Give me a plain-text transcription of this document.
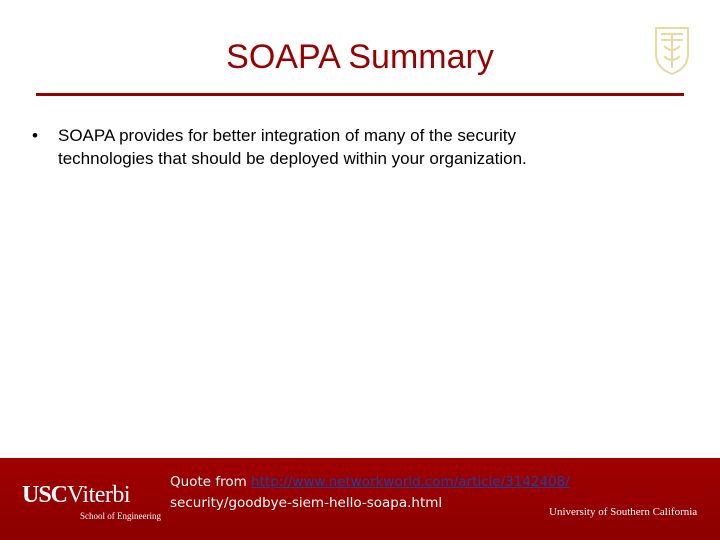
SOAPA Summary
• SOAPA provides for better integration of many of the security
technologies that should be deployed within your organization.
USCViterbi
School of Engineering
Quote from http://www.networkworld.com/article/3142408/
security/goodbye-siem-hello-soapa.html
University of Southern California
